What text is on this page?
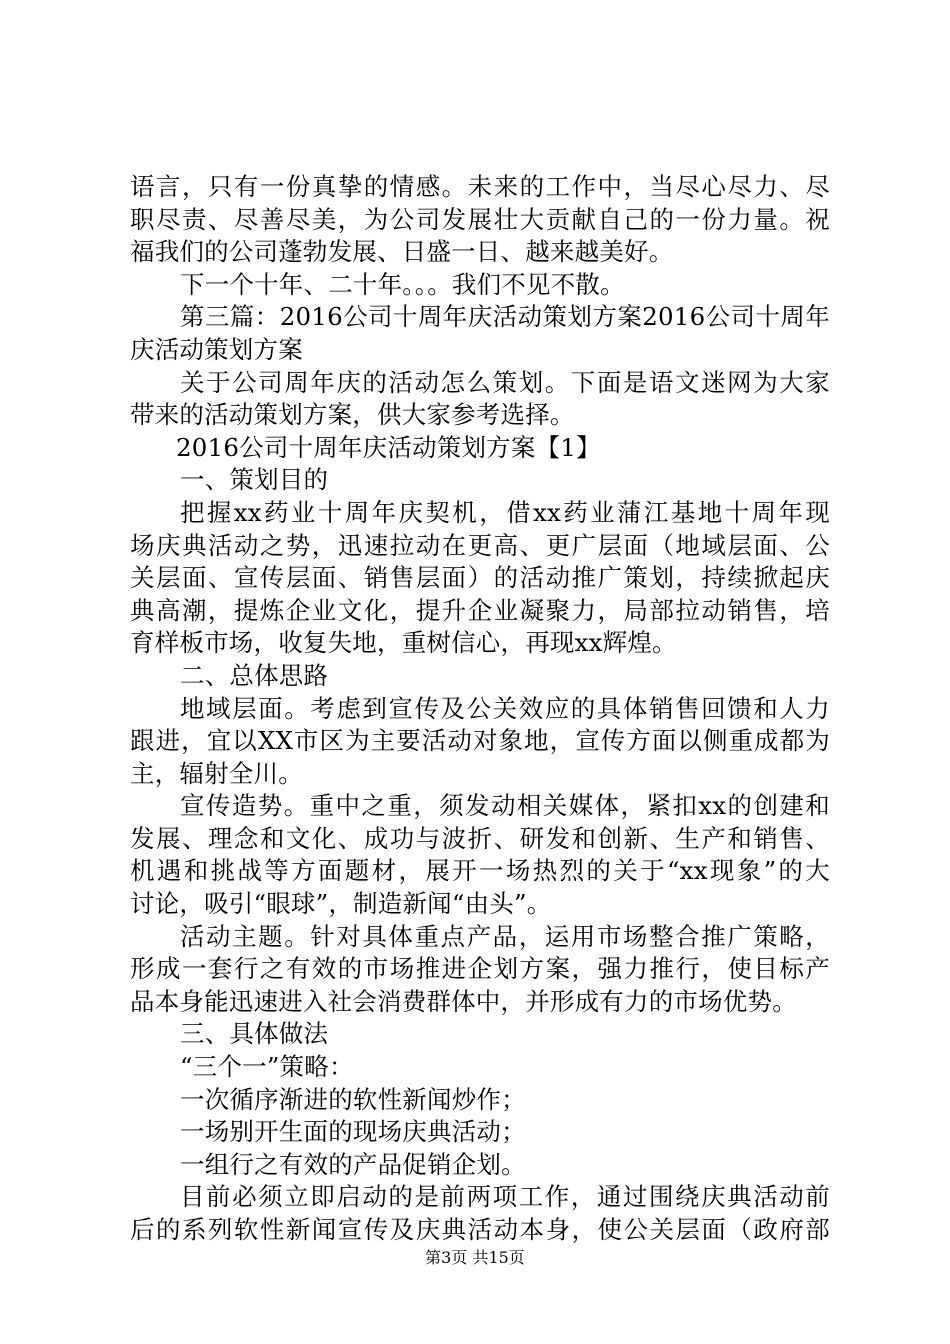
语言，只有一份真挚的情感。未来的工作中，当尽心尽力、尽
职尽责、尽善尽美，为公司发展壮大贡献自己的一份力量。祝
福我们的公司蓬勃发展、日盛一日、越来越美好。
下一个十年、二十年。。。我们不见不散。
第三篇：2016公司十周年庆活动策划方案2016公司十周年
庆活动策划方案
关于公司周年庆的活动怎么策划。下面是语文迷网为大家
带来的活动策划方案，供大家参考选择。
2016公司十周年庆活动策划方案【1】
一、策划目的
把握xx药业十周年庆契机，借xx药业蒲江基地十周年现
场庆典活动之势，迅速拉动在更高、更广层面（地域层面、公
关层面、宣传层面、销售层面）的活动推广策划，持续掀起庆
典高潮，提炼企业文化，提升企业凝聚力，局部拉动销售，培
育样板市场，收复失地，重树信心，再现xx辉煌。
二、总体思路
地域层面。考虑到宣传及公关效应的具体销售回馈和人力
跟进，宜以XX市区为主要活动对象地，宣传方面以侧重成都为
主，辐射全川。
宣传造势。重中之重，须发动相关媒体，紧扣xx的创建和
发展、理念和文化、成功与波折、研发和创新、生产和销售、
机遇和挑战等方面题材，展开一场热烈的关于“xx现象”的大
讨论，吸引“眼球”，制造新闻“由头”。
活动主题。针对具体重点产品，运用市场整合推广策略，
形成一套行之有效的市场推进企划方案，强力推行，使目标产
品本身能迅速进入社会消费群体中，并形成有力的市场优势。
三、具体做法
“三个一”策略：
一次循序渐进的软性新闻炒作；
一场别开生面的现场庆典活动；
一组行之有效的产品促销企划。
目前必须立即启动的是前两项工作，通过围绕庆典活动前
后的系列软性新闻宣传及庆典活动本身，使公关层面（政府部
第3页 共15页
